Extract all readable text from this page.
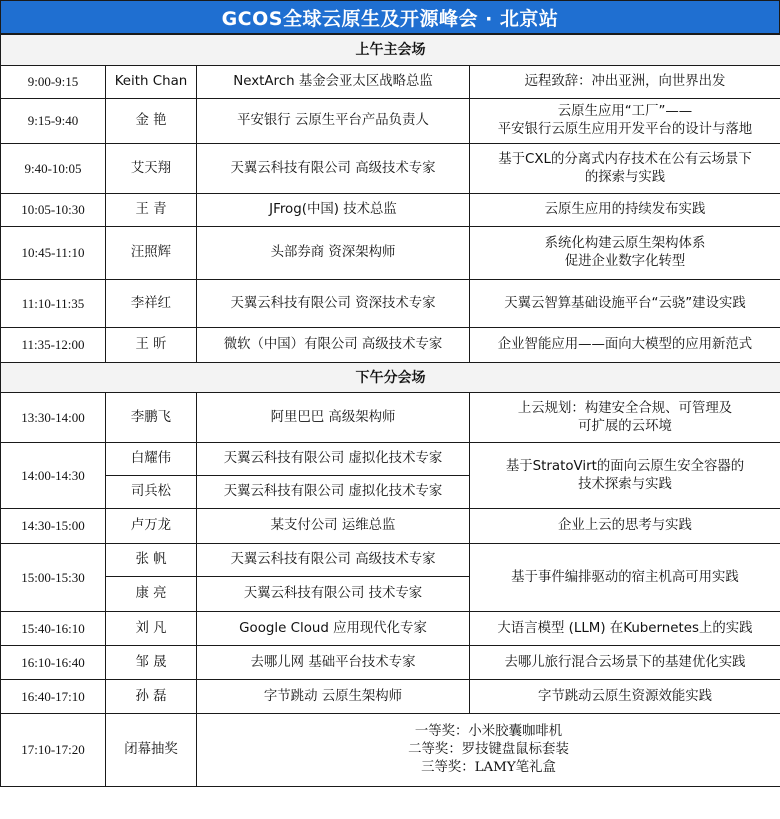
GCOS全球云原生及开源峰会 · 北京站
上午主会场			
9:00-9:15	Keith Chan	NextArch 基金会亚太区战略总监	远程致辞：冲出亚洲，向世界出发

9:15-9:40	金 艳	平安银行 云原生平台产品负责人	云原生应用“工厂”——
平安银行云原生应用开发平台的设计与落地

9:40-10:05	艾天翔	天翼云科技有限公司 高级技术专家	基于CXL的分离式内存技术在公有云场景下
的探索与实践

10:05-10:30	王 青	JFrog(中国) 技术总监	云原生应用的持续发布实践

10:45-11:10	汪照辉	头部券商 资深架构师	系统化构建云原生架构体系
促进企业数字化转型

11:10-11:35	李祥红	天翼云科技有限公司 资深技术专家	天翼云智算基础设施平台“云骁”建设实践

11:35-12:00	王 昕	微软（中国）有限公司 高级技术专家	企业智能应用——面向大模型的应用新范式

下午分会场			
13:30-14:00	李鹏飞	阿里巴巴 高级架构师	上云规划：构建安全合规、可管理及
可扩展的云环境

14:00-14:30	白耀伟	天翼云科技有限公司 虚拟化技术专家	基于StratoVirt的面向云原生安全容器的
技术探索与实践

	司兵松	天翼云科技有限公司 虚拟化技术专家	
14:30-15:00	卢万龙	某支付公司 运维总监	企业上云的思考与实践

15:00-15:30	张 帆	天翼云科技有限公司 高级技术专家	基于事件编排驱动的宿主机高可用实践

	康 亮	天翼云科技有限公司 技术专家	
15:40-16:10	刘 凡	Google Cloud 应用现代化专家	大语言模型 (LLM) 在Kubernetes上的实践

16:10-16:40	邹 晟	去哪儿网 基础平台技术专家	去哪儿旅行混合云场景下的基建优化实践

16:40-17:10	孙 磊	字节跳动 云原生架构师	字节跳动云原生资源效能实践

17:10-17:20	闭幕抽奖	一等奖：小米胶囊咖啡机
二等奖：罗技键盘鼠标套装
三等奖：LAMY笔礼盒	
